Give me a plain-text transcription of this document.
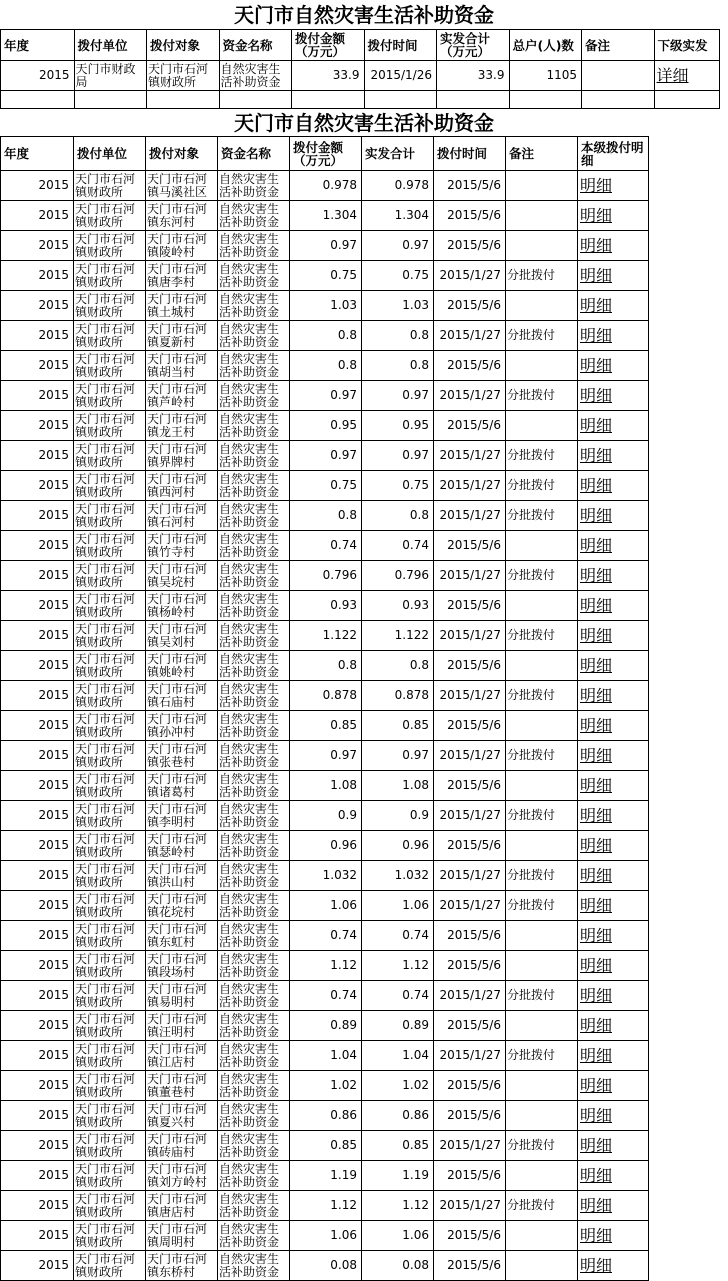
天门市自然灾害生活补助资金
年度	拨付单位	拨付对象	资金名称	拨付金额（万元）	拨付时间	实发合计（万元）	总户(人)数	备注	下级实发
2015	天门市财政局	天门市石河镇财政所	自然灾害生活补助资金	33.9	2015/1/26	33.9	1105		详细

天门市自然灾害生活补助资金
年度	拨付单位	拨付对象	资金名称	拨付金额（万元）	实发合计	拨付时间	备注	本级拨付明细
2015	天门市石河镇财政所	天门市石河镇马溪社区	自然灾害生活补助资金	0.978	0.978	2015/5/6		明细
2015	天门市石河镇财政所	天门市石河镇东河村	自然灾害生活补助资金	1.304	1.304	2015/5/6		明细
2015	天门市石河镇财政所	天门市石河镇陵岭村	自然灾害生活补助资金	0.97	0.97	2015/5/6		明细
2015	天门市石河镇财政所	天门市石河镇唐李村	自然灾害生活补助资金	0.75	0.75	2015/1/27	分批拨付	明细
2015	天门市石河镇财政所	天门市石河镇土城村	自然灾害生活补助资金	1.03	1.03	2015/5/6		明细
2015	天门市石河镇财政所	天门市石河镇夏新村	自然灾害生活补助资金	0.8	0.8	2015/1/27	分批拨付	明细
2015	天门市石河镇财政所	天门市石河镇胡当村	自然灾害生活补助资金	0.8	0.8	2015/5/6		明细
2015	天门市石河镇财政所	天门市石河镇芦岭村	自然灾害生活补助资金	0.97	0.97	2015/1/27	分批拨付	明细
2015	天门市石河镇财政所	天门市石河镇龙王村	自然灾害生活补助资金	0.95	0.95	2015/5/6		明细
2015	天门市石河镇财政所	天门市石河镇界牌村	自然灾害生活补助资金	0.97	0.97	2015/1/27	分批拨付	明细
2015	天门市石河镇财政所	天门市石河镇西河村	自然灾害生活补助资金	0.75	0.75	2015/1/27	分批拨付	明细
2015	天门市石河镇财政所	天门市石河镇石河村	自然灾害生活补助资金	0.8	0.8	2015/1/27	分批拨付	明细
2015	天门市石河镇财政所	天门市石河镇竹寺村	自然灾害生活补助资金	0.74	0.74	2015/5/6		明细
2015	天门市石河镇财政所	天门市石河镇吴垸村	自然灾害生活补助资金	0.796	0.796	2015/1/27	分批拨付	明细
2015	天门市石河镇财政所	天门市石河镇杨岭村	自然灾害生活补助资金	0.93	0.93	2015/5/6		明细
2015	天门市石河镇财政所	天门市石河镇吴刘村	自然灾害生活补助资金	1.122	1.122	2015/1/27	分批拨付	明细
2015	天门市石河镇财政所	天门市石河镇姚岭村	自然灾害生活补助资金	0.8	0.8	2015/5/6		明细
2015	天门市石河镇财政所	天门市石河镇石庙村	自然灾害生活补助资金	0.878	0.878	2015/1/27	分批拨付	明细
2015	天门市石河镇财政所	天门市石河镇孙冲村	自然灾害生活补助资金	0.85	0.85	2015/5/6		明细
2015	天门市石河镇财政所	天门市石河镇张巷村	自然灾害生活补助资金	0.97	0.97	2015/1/27	分批拨付	明细
2015	天门市石河镇财政所	天门市石河镇诸葛村	自然灾害生活补助资金	1.08	1.08	2015/5/6		明细
2015	天门市石河镇财政所	天门市石河镇李明村	自然灾害生活补助资金	0.9	0.9	2015/1/27	分批拨付	明细
2015	天门市石河镇财政所	天门市石河镇瑟岭村	自然灾害生活补助资金	0.96	0.96	2015/5/6		明细
2015	天门市石河镇财政所	天门市石河镇洪山村	自然灾害生活补助资金	1.032	1.032	2015/1/27	分批拨付	明细
2015	天门市石河镇财政所	天门市石河镇花垸村	自然灾害生活补助资金	1.06	1.06	2015/1/27	分批拨付	明细
2015	天门市石河镇财政所	天门市石河镇东虹村	自然灾害生活补助资金	0.74	0.74	2015/5/6		明细
2015	天门市石河镇财政所	天门市石河镇段场村	自然灾害生活补助资金	1.12	1.12	2015/5/6		明细
2015	天门市石河镇财政所	天门市石河镇易明村	自然灾害生活补助资金	0.74	0.74	2015/1/27	分批拨付	明细
2015	天门市石河镇财政所	天门市石河镇汪明村	自然灾害生活补助资金	0.89	0.89	2015/5/6		明细
2015	天门市石河镇财政所	天门市石河镇江店村	自然灾害生活补助资金	1.04	1.04	2015/1/27	分批拨付	明细
2015	天门市石河镇财政所	天门市石河镇董巷村	自然灾害生活补助资金	1.02	1.02	2015/5/6		明细
2015	天门市石河镇财政所	天门市石河镇夏兴村	自然灾害生活补助资金	0.86	0.86	2015/5/6		明细
2015	天门市石河镇财政所	天门市石河镇砖庙村	自然灾害生活补助资金	0.85	0.85	2015/1/27	分批拨付	明细
2015	天门市石河镇财政所	天门市石河镇刘方岭村	自然灾害生活补助资金	1.19	1.19	2015/5/6		明细
2015	天门市石河镇财政所	天门市石河镇唐店村	自然灾害生活补助资金	1.12	1.12	2015/1/27	分批拨付	明细
2015	天门市石河镇财政所	天门市石河镇周明村	自然灾害生活补助资金	1.06	1.06	2015/5/6		明细
2015	天门市石河镇财政所	天门市石河镇东桥村	自然灾害生活补助资金	0.08	0.08	2015/5/6		明细
